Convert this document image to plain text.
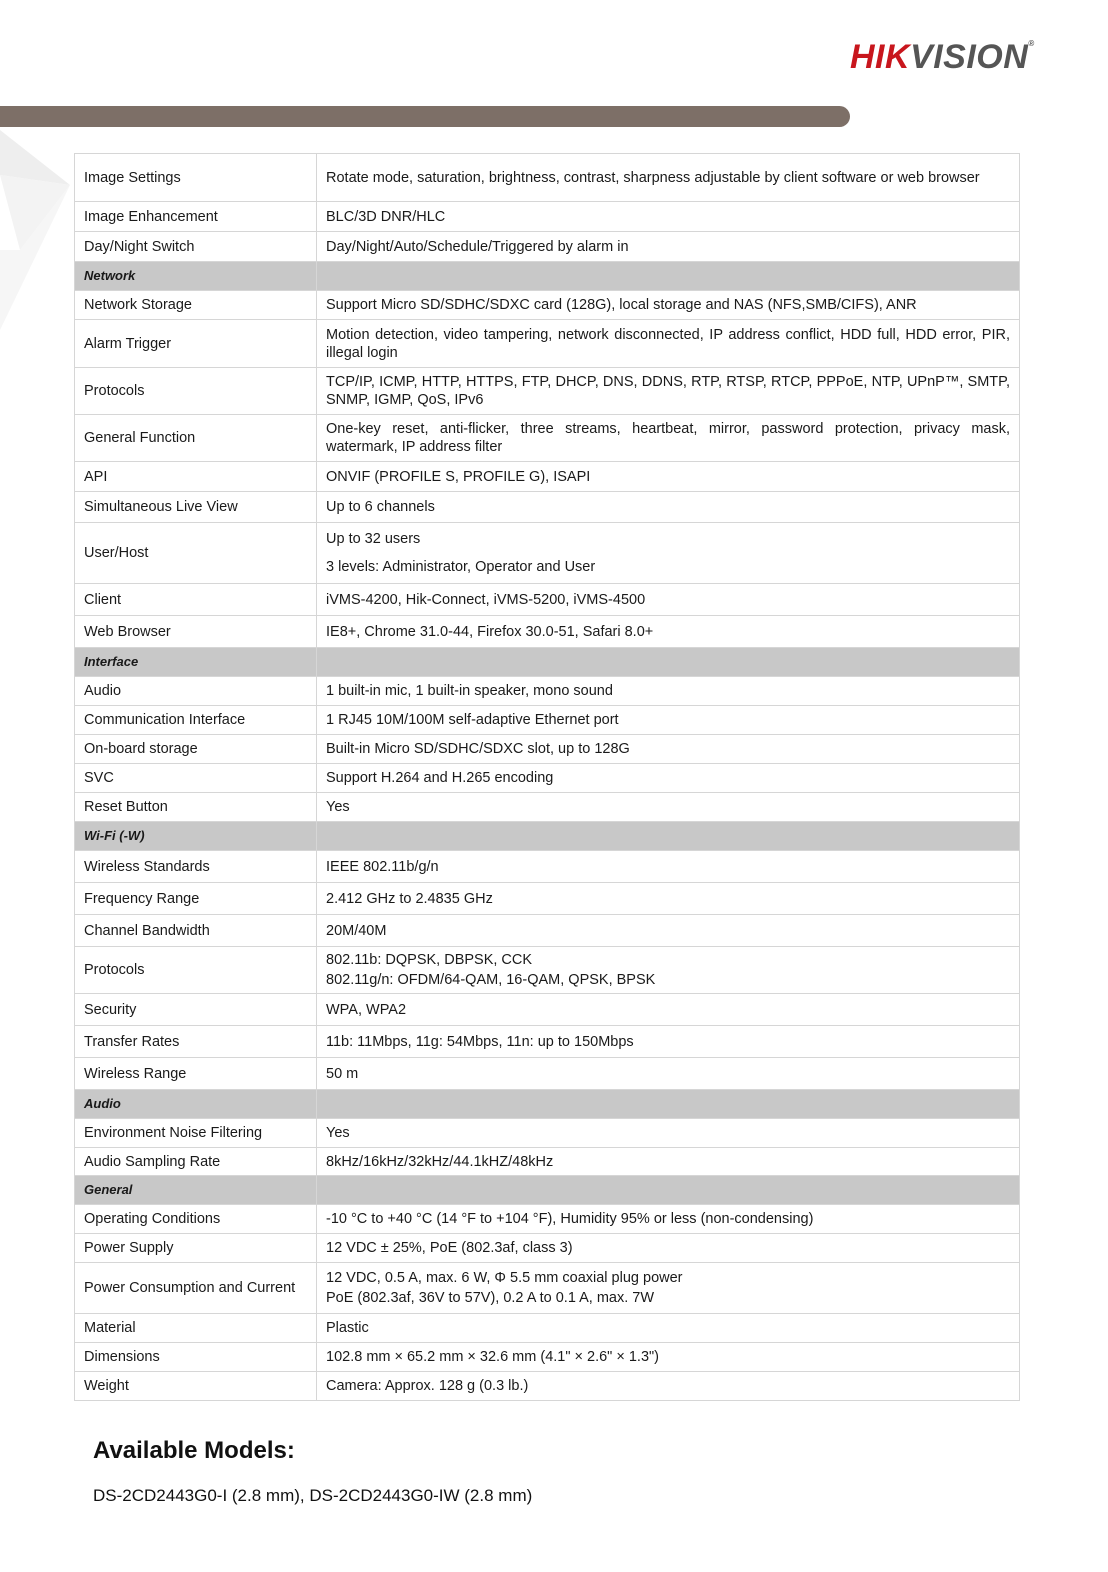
HIKVISION®
Image Settings	Rotate mode, saturation, brightness, contrast, sharpness adjustable by client software or web browser

Image Enhancement	BLC/3D DNR/HLC

Day/Night Switch	Day/Night/Auto/Schedule/Triggered by alarm in

Network	
Network Storage	Support Micro SD/SDHC/SDXC card (128G), local storage and NAS (NFS,SMB/CIFS), ANR

Alarm Trigger	Motion detection, video tampering, network disconnected, IP address conflict, HDD full, HDD error, PIR, illegal login

Protocols	TCP/IP, ICMP, HTTP, HTTPS, FTP, DHCP, DNS, DDNS, RTP, RTSP, RTCP, PPPoE, NTP, UPnP™, SMTP, SNMP, IGMP, QoS, IPv6

General Function	One-key reset, anti-flicker, three streams, heartbeat, mirror, password protection, privacy mask, watermark, IP address filter

API	ONVIF (PROFILE S, PROFILE G), ISAPI

Simultaneous Live View	Up to 6 channels

User/Host	Up to 32 users
3 levels: Administrator, Operator and User

Client	iVMS-4200, Hik-Connect, iVMS-5200, iVMS-4500

Web Browser	IE8+, Chrome 31.0-44, Firefox 30.0-51, Safari 8.0+

Interface	
Audio	1 built-in mic, 1 built-in speaker, mono sound

Communication Interface	1 RJ45 10M/100M self-adaptive Ethernet port

On-board storage	Built-in Micro SD/SDHC/SDXC slot, up to 128G

SVC	Support H.264 and H.265 encoding

Reset Button	Yes

Wi-Fi (-W)	
Wireless Standards	IEEE 802.11b/g/n

Frequency Range	2.412 GHz to 2.4835 GHz

Channel Bandwidth	20M/40M

Protocols	802.11b: DQPSK, DBPSK, CCK
802.11g/n: OFDM/64-QAM, 16-QAM, QPSK, BPSK

Security	WPA, WPA2

Transfer Rates	11b: 11Mbps, 11g: 54Mbps, 11n: up to 150Mbps

Wireless Range	50 m

Audio	
Environment Noise Filtering	Yes

Audio Sampling Rate	8kHz/16kHz/32kHz/44.1kHZ/48kHz

General	
Operating Conditions	-10 °C to +40 °C (14 °F to +104 °F), Humidity 95% or less (non-condensing)

Power Supply	12 VDC ± 25%, PoE (802.3af, class 3)

Power Consumption and Current	12 VDC, 0.5 A, max. 6 W, Φ 5.5 mm coaxial plug power
PoE (802.3af, 36V to 57V), 0.2 A to 0.1 A, max. 7W

Material	Plastic

Dimensions	102.8 mm × 65.2 mm × 32.6 mm (4.1" × 2.6" × 1.3")

Weight	Camera: Approx. 128 g (0.3 lb.)
Available Models:
DS-2CD2443G0-I (2.8 mm), DS-2CD2443G0-IW (2.8 mm)
